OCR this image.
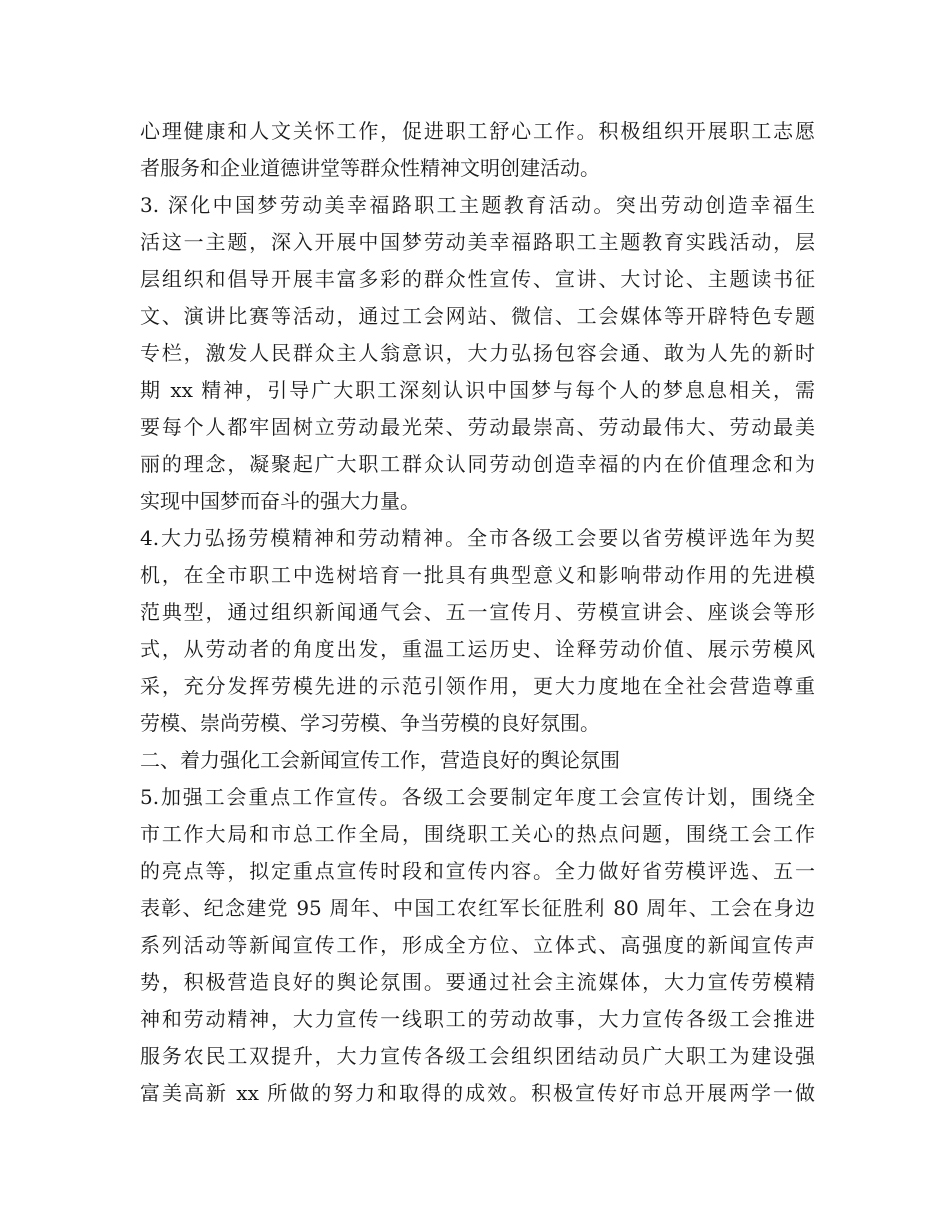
心理健康和人文关怀工作，促进职工舒心工作。积极组织开展职工志愿
者服务和企业道德讲堂等群众性精神文明创建活动。
3. 深化中国梦劳动美幸福路职工主题教育活动。突出劳动创造幸福生
活这一主题，深入开展中国梦劳动美幸福路职工主题教育实践活动，层
层组织和倡导开展丰富多彩的群众性宣传、宣讲、大讨论、主题读书征
文、演讲比赛等活动，通过工会网站、微信、工会媒体等开辟特色专题
专栏，激发人民群众主人翁意识，大力弘扬包容会通、敢为人先的新时
期 xx 精神，引导广大职工深刻认识中国梦与每个人的梦息息相关，需
要每个人都牢固树立劳动最光荣、劳动最崇高、劳动最伟大、劳动最美
丽的理念，凝聚起广大职工群众认同劳动创造幸福的内在价值理念和为
实现中国梦而奋斗的强大力量。
4.大力弘扬劳模精神和劳动精神。全市各级工会要以省劳模评选年为契
机，在全市职工中选树培育一批具有典型意义和影响带动作用的先进模
范典型，通过组织新闻通气会、五一宣传月、劳模宣讲会、座谈会等形
式，从劳动者的角度出发，重温工运历史、诠释劳动价值、展示劳模风
采，充分发挥劳模先进的示范引领作用，更大力度地在全社会营造尊重
劳模、崇尚劳模、学习劳模、争当劳模的良好氛围。
二、着力强化工会新闻宣传工作，营造良好的舆论氛围
5.加强工会重点工作宣传。各级工会要制定年度工会宣传计划，围绕全
市工作大局和市总工作全局，围绕职工关心的热点问题，围绕工会工作
的亮点等，拟定重点宣传时段和宣传内容。全力做好省劳模评选、五一
表彰、纪念建党 95 周年、中国工农红军长征胜利 80 周年、工会在身边
系列活动等新闻宣传工作，形成全方位、立体式、高强度的新闻宣传声
势，积极营造良好的舆论氛围。要通过社会主流媒体，大力宣传劳模精
神和劳动精神，大力宣传一线职工的劳动故事，大力宣传各级工会推进
服务农民工双提升，大力宣传各级工会组织团结动员广大职工为建设强
富美高新 xx 所做的努力和取得的成效。积极宣传好市总开展两学一做
